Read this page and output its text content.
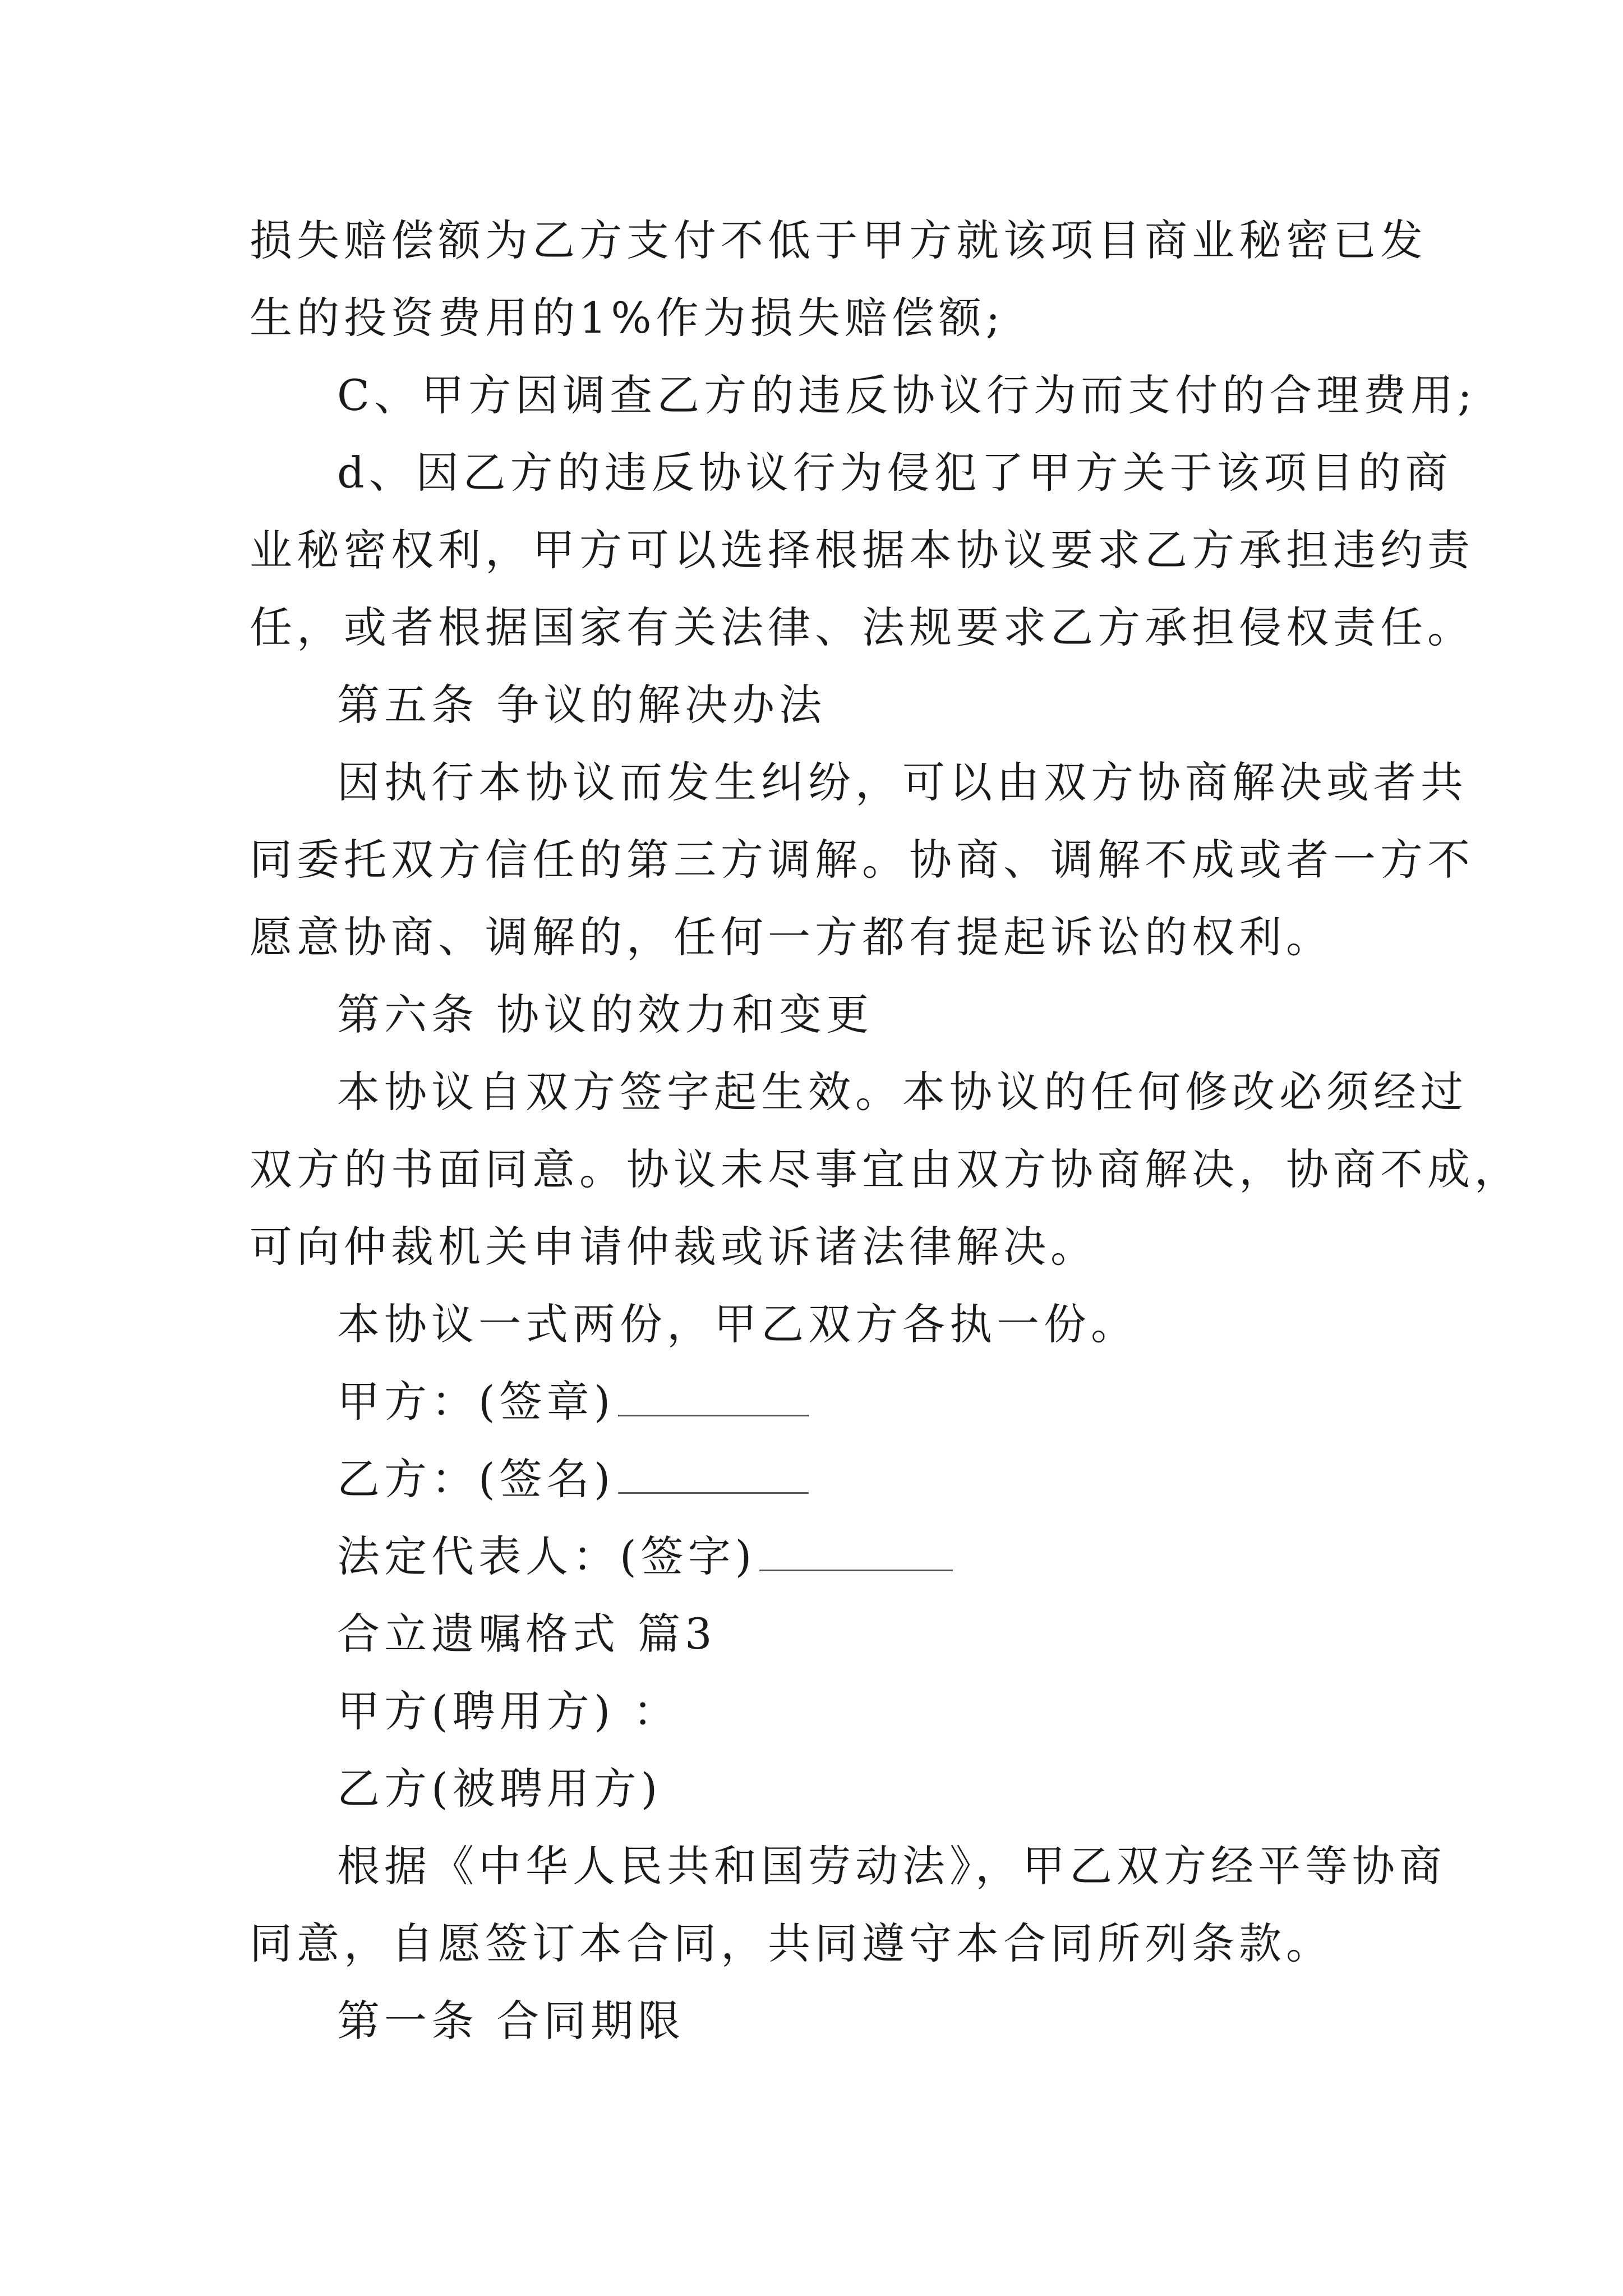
损失赔偿额为乙方支付不低于甲方就该项目商业秘密已发
生的投资费用的1%作为损失赔偿额;
C、甲方因调查乙方的违反协议行为而支付的合理费用;
d、因乙方的违反协议行为侵犯了甲方关于该项目的商
业秘密权利，甲方可以选择根据本协议要求乙方承担违约责
任，或者根据国家有关法律、法规要求乙方承担侵权责任。
第五条 争议的解决办法
因执行本协议而发生纠纷，可以由双方协商解决或者共
同委托双方信任的第三方调解。协商、调解不成或者一方不
愿意协商、调解的，任何一方都有提起诉讼的权利。
第六条 协议的效力和变更
本协议自双方签字起生效。本协议的任何修改必须经过
双方的书面同意。协议未尽事宜由双方协商解决，协商不成，
可向仲裁机关申请仲裁或诉诸法律解决。
本协议一式两份，甲乙双方各执一份。
甲方：(签章)
乙方：(签名)
法定代表人：(签字)
合立遗嘱格式 篇3
甲方(聘用方) ：
乙方(被聘用方)
根据《中华人民共和国劳动法》，甲乙双方经平等协商
同意，自愿签订本合同，共同遵守本合同所列条款。
第一条 合同期限
